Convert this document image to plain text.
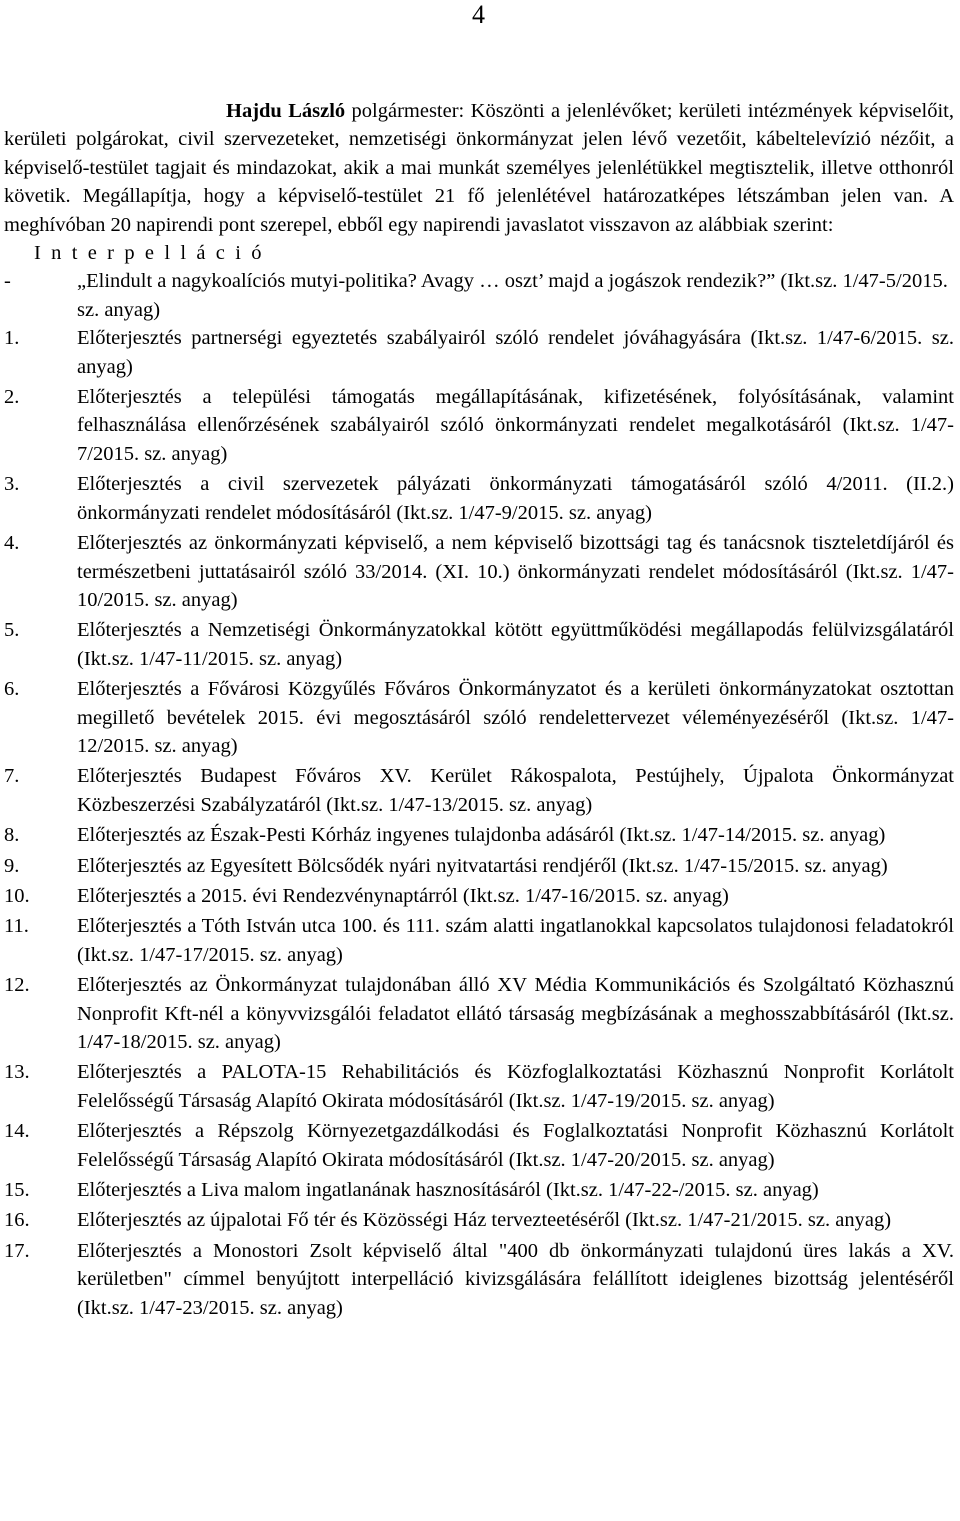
4

Hajdu László polgármester: Köszönti a jelenlévőket; kerületi intézmények képviselőit, kerületi polgárokat, civil szervezeteket, nemzetiségi önkormányzat jelen lévő vezetőit, kábeltelevízió nézőit, a képviselő-testület tagjait és mindazokat, akik a mai munkát személyes jelenlétükkel megtisztelik, illetve otthonról követik. Megállapítja, hogy a képviselő-testület 21 fő jelenlétével határozatképes létszámban jelen van. A meghívóban 20 napirendi pont szerepel, ebből egy napirendi javaslatot visszavon az alábbiak szerint:

I n t e r p e l l á c i ó
-	„Elindult a nagykoalíciós mutyi-politika? Avagy … oszt’ majd a jogászok rendezik?” (Ikt.sz. 1/47-5/2015. sz. anyag)
1.	Előterjesztés partnerségi egyeztetés szabályairól szóló rendelet jóváhagyására (Ikt.sz. 1/47-6/2015. sz. anyag)
2.	Előterjesztés a települési támogatás megállapításának, kifizetésének, folyósításának, valamint felhasználása ellenőrzésének szabályairól szóló önkormányzati rendelet megalkotásáról (Ikt.sz. 1/47-7/2015. sz. anyag)
3.	Előterjesztés a civil szervezetek pályázati önkormányzati támogatásáról szóló 4/2011. (II.2.) önkormányzati rendelet módosításáról (Ikt.sz. 1/47-9/2015. sz. anyag)
4.	Előterjesztés az önkormányzati képviselő, a nem képviselő bizottsági tag és tanácsnok tiszteletdíjáról és természetbeni juttatásairól szóló 33/2014. (XI. 10.) önkormányzati rendelet módosításáról (Ikt.sz. 1/47-10/2015. sz. anyag)
5.	Előterjesztés a Nemzetiségi Önkormányzatokkal kötött együttműködési megállapodás felülvizsgálatáról (Ikt.sz. 1/47-11/2015. sz. anyag)
6.	Előterjesztés a Fővárosi Közgyűlés Főváros Önkormányzatot és a kerületi önkormányzatokat osztottan megillető bevételek 2015. évi megosztásáról szóló rendelettervezet véleményezéséről (Ikt.sz. 1/47-12/2015. sz. anyag)
7.	Előterjesztés Budapest Főváros XV. Kerület Rákospalota, Pestújhely, Újpalota Önkormányzat Közbeszerzési Szabályzatáról (Ikt.sz. 1/47-13/2015. sz. anyag)
8.	Előterjesztés az Észak-Pesti Kórház ingyenes tulajdonba adásáról (Ikt.sz. 1/47-14/2015. sz. anyag)
9.	Előterjesztés az Egyesített Bölcsődék nyári nyitvatartási rendjéről (Ikt.sz. 1/47-15/2015. sz. anyag)
10. Előterjesztés a 2015. évi Rendezvénynaptárról (Ikt.sz. 1/47-16/2015. sz. anyag)
11. Előterjesztés a Tóth István utca 100. és 111. szám alatti ingatlanokkal kapcsolatos tulajdonosi feladatokról (Ikt.sz. 1/47-17/2015. sz. anyag)
12. Előterjesztés az Önkormányzat tulajdonában álló XV Média Kommunikációs és Szolgáltató Közhasznú Nonprofit Kft-nél a könyvvizsgálói feladatot ellátó társaság megbízásának a meghosszabbításáról (Ikt.sz. 1/47-18/2015. sz. anyag)
13. Előterjesztés a PALOTA-15 Rehabilitációs és Közfoglalkoztatási Közhasznú Nonprofit Korlátolt Felelősségű Társaság Alapító Okirata módosításáról (Ikt.sz. 1/47-19/2015. sz. anyag)
14. Előterjesztés a Répszolg Környezetgazdálkodási és Foglalkoztatási Nonprofit Közhasznú Korlátolt Felelősségű Társaság Alapító Okirata módosításáról (Ikt.sz. 1/47-20/2015. sz. anyag)
15. Előterjesztés a Liva malom ingatlanának hasznosításáról (Ikt.sz. 1/47-22-/2015. sz. anyag)
16. Előterjesztés az újpalotai Fő tér és Közösségi Ház tervezteetéséről (Ikt.sz. 1/47-21/2015. sz. anyag)
17. Előterjesztés a Monostori Zsolt képviselő által "400 db önkormányzati tulajdonú üres lakás a XV. kerületben" címmel benyújtott interpelláció kivizsgálására felállított ideiglenes bizottság jelentéséről (Ikt.sz. 1/47-23/2015. sz. anyag)
